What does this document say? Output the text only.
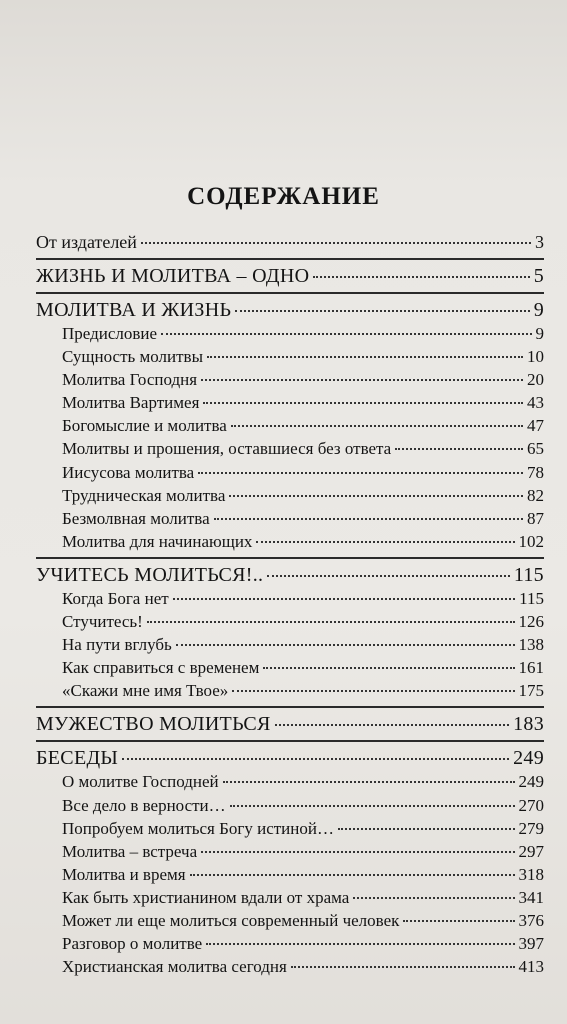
СОДЕРЖАНИЕ
От издателей	3
ЖИЗНЬ И МОЛИТВА – ОДНО	5
МОЛИТВА И ЖИЗНЬ	9
Предисловие	9
Сущность молитвы	10
Молитва Господня	20
Молитва Вартимея	43
Богомыслие и молитва	47
Молитвы и прошения, оставшиеся без ответа	65
Иисусова молитва	78
Трудническая молитва	82
Безмолвная молитва	87
Молитва для начинающих	102
УЧИТЕСЬ МОЛИТЬСЯ!..	115
Когда Бога нет	115
Стучитесь!	126
На пути вглубь	138
Как справиться с временем	161
«Скажи мне имя Твое»	175
МУЖЕСТВО МОЛИТЬСЯ	183
БЕСЕДЫ	249
О молитве Господней	249
Все дело в верности…	270
Попробуем молиться Богу истиной…	279
Молитва – встреча	297
Молитва и время	318
Как быть христианином вдали от храма	341
Может ли еще молиться современный человек	376
Разговор о молитве	397
Христианская молитва сегодня	413
